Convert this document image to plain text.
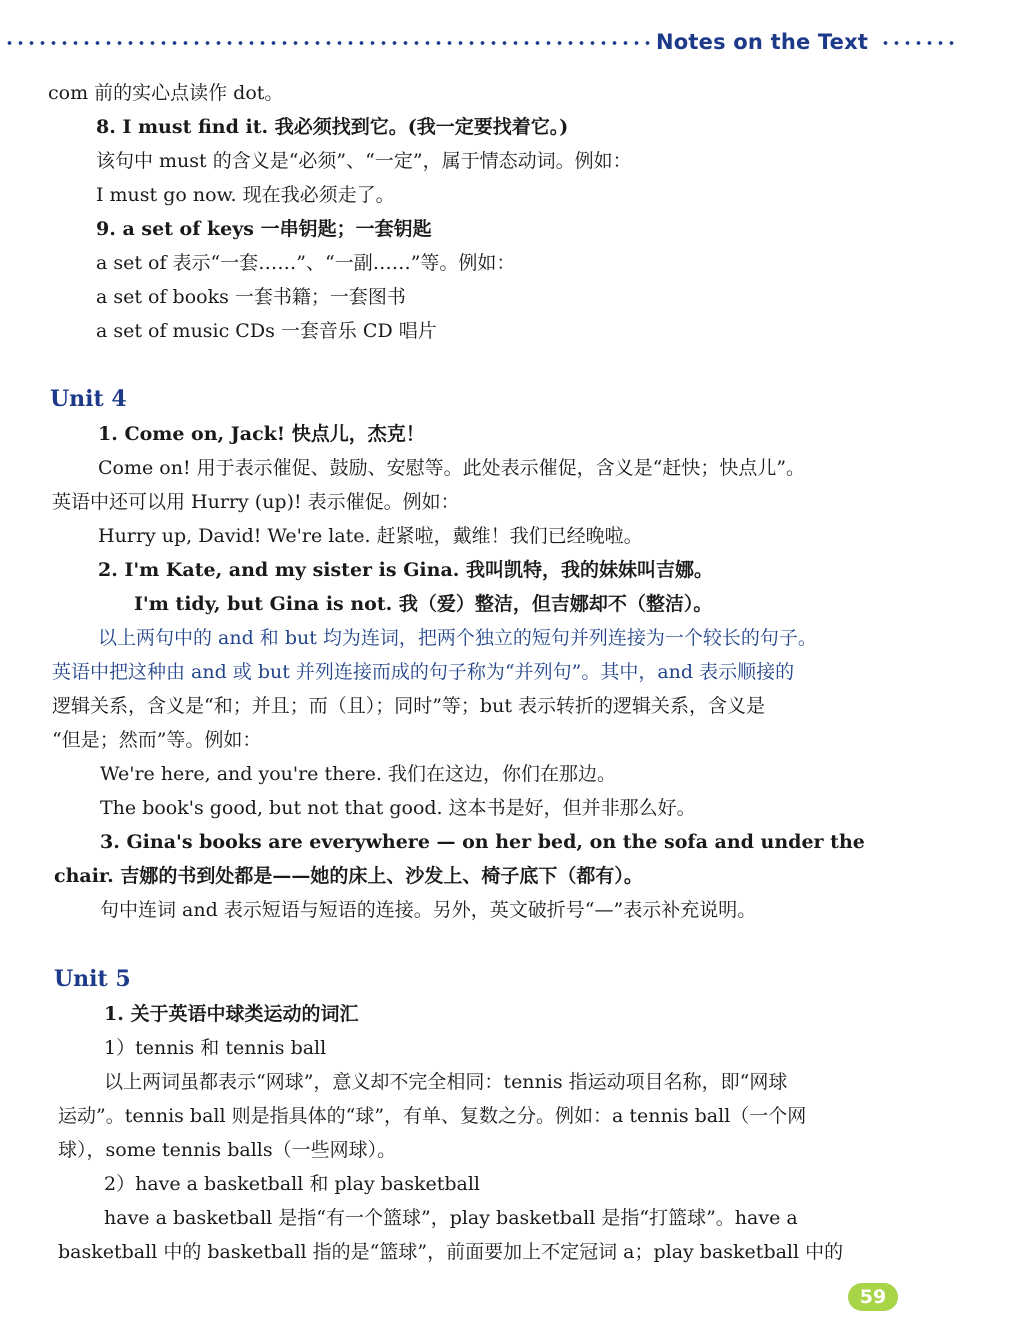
Notes on the Text
com 前的实心点读作 dot。
8. I must find it. 我必须找到它。(我一定要找着它。)
该句中 must 的含义是“必须”、“一定”，属于情态动词。例如：
I must go now. 现在我必须走了。
9. a set of keys 一串钥匙；一套钥匙
a set of 表示“一套……”、“一副……”等。例如：
a set of books 一套书籍；一套图书
a set of music CDs 一套音乐 CD 唱片
Unit 4
1. Come on, Jack! 快点儿，杰克！
Come on! 用于表示催促、鼓励、安慰等。此处表示催促，含义是“赶快；快点儿”。
英语中还可以用 Hurry (up)! 表示催促。例如：
Hurry up, David! We're late. 赶紧啦，戴维！我们已经晚啦。
2. I'm Kate, and my sister is Gina. 我叫凯特，我的妹妹叫吉娜。
I'm tidy, but Gina is not. 我（爱）整洁，但吉娜却不（整洁）。
以上两句中的 and 和 but 均为连词，把两个独立的短句并列连接为一个较长的句子。
英语中把这种由 and 或 but 并列连接而成的句子称为“并列句”。其中，and 表示顺接的
逻辑关系，含义是“和；并且；而（且）；同时”等；but 表示转折的逻辑关系，含义是
“但是；然而”等。例如：
We're here, and you're there. 我们在这边，你们在那边。
The book's good, but not that good. 这本书是好，但并非那么好。
3. Gina's books are everywhere — on her bed, on the sofa and under the
chair. 吉娜的书到处都是——她的床上、沙发上、椅子底下（都有）。
句中连词 and 表示短语与短语的连接。另外，英文破折号“—”表示补充说明。
Unit 5
1. 关于英语中球类运动的词汇
1）tennis 和 tennis ball
以上两词虽都表示“网球”，意义却不完全相同：tennis 指运动项目名称，即“网球
运动”。tennis ball 则是指具体的“球”，有单、复数之分。例如：a tennis ball（一个网
球），some tennis balls（一些网球）。
2）have a basketball 和 play basketball
have a basketball 是指“有一个篮球”，play basketball 是指“打篮球”。have a
basketball 中的 basketball 指的是“篮球”，前面要加上不定冠词 a；play basketball 中的
59
